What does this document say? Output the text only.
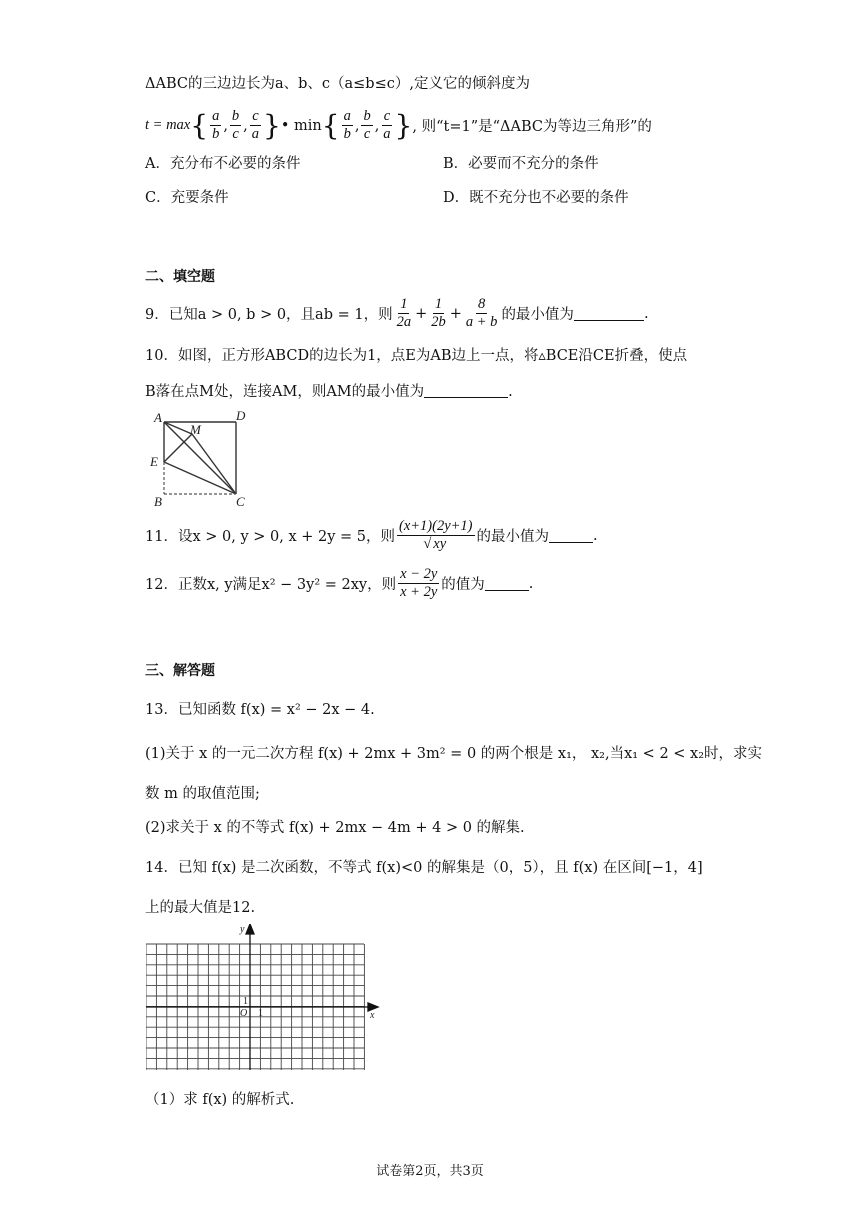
ΔABC的三边边长为a、b、c（a≤b≤c）,定义它的倾斜度为
t = max { $\frac{a}{b}$ , $\frac{b}{c}$ , $\frac{c}{a}$ } • min { $\frac{a}{b}$ , $\frac{b}{c}$ , $\frac{c}{a}$ } , 则“t=1”是“ΔABC为等边三角形”的
A．充分布不必要的条件	B．必要而不充分的条件
C．充要条件	D．既不充分也不必要的条件
二、填空题
9．已知a > 0, b > 0，且ab = 1，则 $\frac{1}{2a} + \frac{1}{2b} + \frac{8}{a + b}$ 的最小值为	.
10．如图，正方形ABCD的边长为1，点E为AB边上一点，将▵BCE沿CE折叠，使点
B落在点M处，连接AM，则AM的最小值为	.
A	D
M
E
B	C
11．设x > 0, y > 0, x + 2y = 5，则 $\frac{(x+1)(2y+1)}{√ xy}$ 的最小值为	.
12．正数x, y满足x² − 3y² = 2xy，则 $\frac{x - 2y}{x + 2y}$ 的值为	.
三、解答题
13．已知函数 f(x) = x² − 2x − 4.
(1)关于 x 的一元二次方程 f(x) + 2mx + 3m² = 0 的两个根是 x₁， x₂,当x₁ < 2 < x₂时，求实
数 m 的取值范围;
(2)求关于 x 的不等式 f(x) + 2mx − 4m + 4 > 0 的解集.
14．已知 f(x) 是二次函数，不等式 f(x)<0 的解集是（0，5），且 f(x) 在区间[−1，4]
上的最大值是12.
y
x
O
1
1
（1）求 f(x) 的解析式.
试卷第2页，共3页
